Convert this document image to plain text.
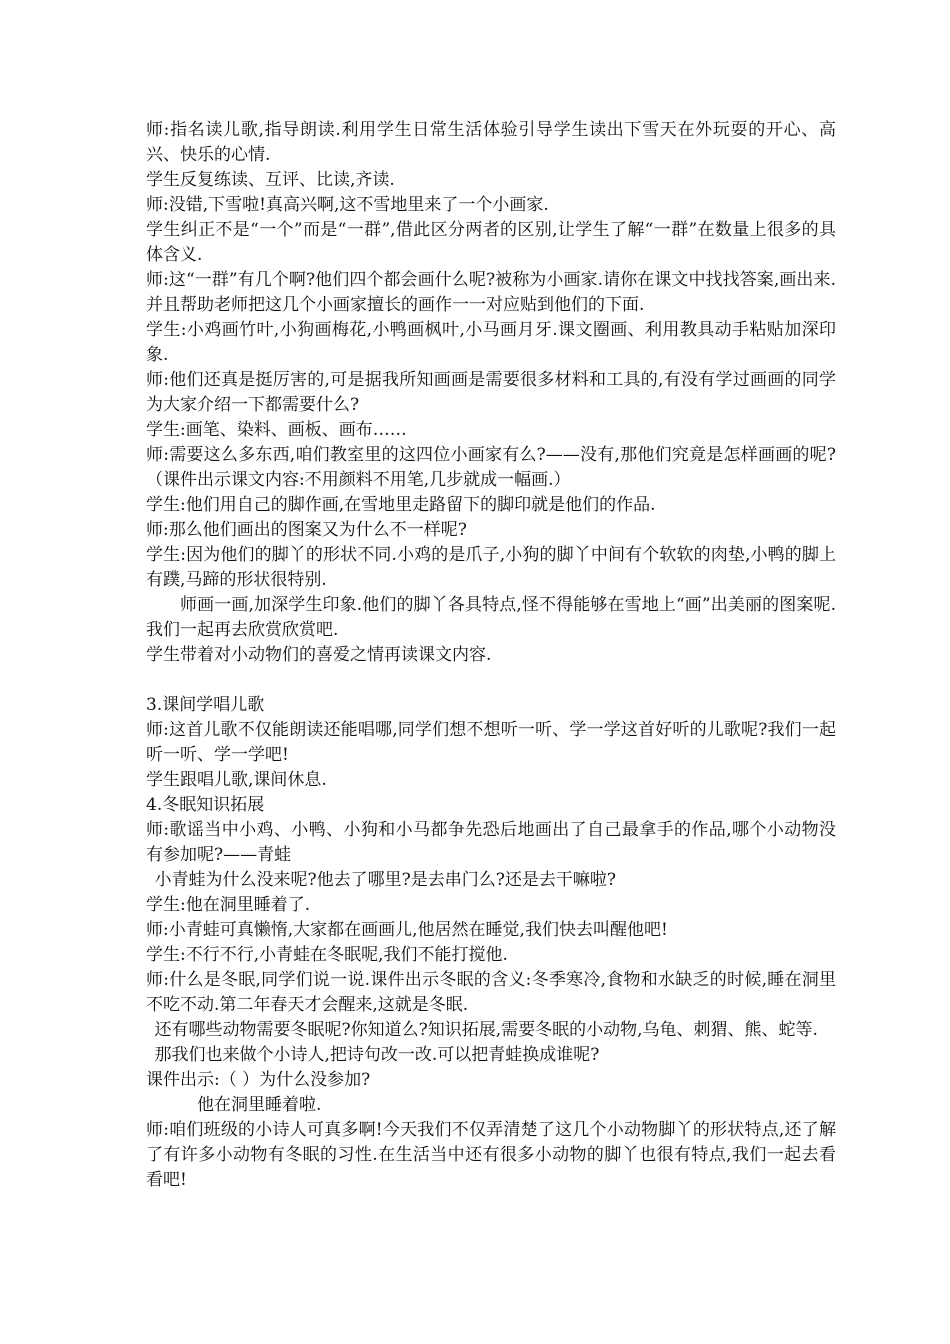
师:指名读儿歌,指导朗读.利用学生日常生活体验引导学生读出下雪天在外玩耍的开心、高兴、快乐的心情.

学生反复练读、互评、比读,齐读.

师:没错,下雪啦!真高兴啊,这不雪地里来了一个小画家.

学生纠正不是“一个”而是“一群”,借此区分两者的区别,让学生了解“一群”在数量上很多的具体含义.

师:这“一群”有几个啊?他们四个都会画什么呢?被称为小画家.请你在课文中找找答案,画出来.并且帮助老师把这几个小画家擅长的画作一一对应贴到他们的下面.

学生:小鸡画竹叶,小狗画梅花,小鸭画枫叶,小马画月牙.课文圈画、利用教具动手粘贴加深印象.

师:他们还真是挺厉害的,可是据我所知画画是需要很多材料和工具的,有没有学过画画的同学为大家介绍一下都需要什么?

学生:画笔、染料、画板、画布……

师:需要这么多东西,咱们教室里的这四位小画家有么?——没有,那他们究竟是怎样画画的呢?（课件出示课文内容:不用颜料不用笔,几步就成一幅画.）

学生:他们用自己的脚作画,在雪地里走路留下的脚印就是他们的作品.

师:那么他们画出的图案又为什么不一样呢?

学生:因为他们的脚丫的形状不同.小鸡的是爪子,小狗的脚丫中间有个软软的肉垫,小鸭的脚上有蹼,马蹄的形状很特别.

师画一画,加深学生印象.他们的脚丫各具特点,怪不得能够在雪地上“画”出美丽的图案呢.我们一起再去欣赏欣赏吧.

学生带着对小动物们的喜爱之情再读课文内容.

3.课间学唱儿歌

师:这首儿歌不仅能朗读还能唱哪,同学们想不想听一听、学一学这首好听的儿歌呢?我们一起听一听、学一学吧!

学生跟唱儿歌,课间休息.

4.冬眠知识拓展

师:歌谣当中小鸡、小鸭、小狗和小马都争先恐后地画出了自己最拿手的作品,哪个小动物没有参加呢?——青蛙

小青蛙为什么没来呢?他去了哪里?是去串门么?还是去干嘛啦?

学生:他在洞里睡着了.

师:小青蛙可真懒惰,大家都在画画儿,他居然在睡觉,我们快去叫醒他吧!

学生:不行不行,小青蛙在冬眠呢,我们不能打搅他.

师:什么是冬眠,同学们说一说.课件出示冬眠的含义:冬季寒冷,食物和水缺乏的时候,睡在洞里不吃不动.第二年春天才会醒来,这就是冬眠.

还有哪些动物需要冬眠呢?你知道么?知识拓展,需要冬眠的小动物,乌龟、刺猬、熊、蛇等.

那我们也来做个小诗人,把诗句改一改.可以把青蛙换成谁呢?

课件出示:（ ）为什么没参加?

他在洞里睡着啦.

师:咱们班级的小诗人可真多啊!今天我们不仅弄清楚了这几个小动物脚丫的形状特点,还了解了有许多小动物有冬眠的习性.在生活当中还有很多小动物的脚丫也很有特点,我们一起去看看吧!
